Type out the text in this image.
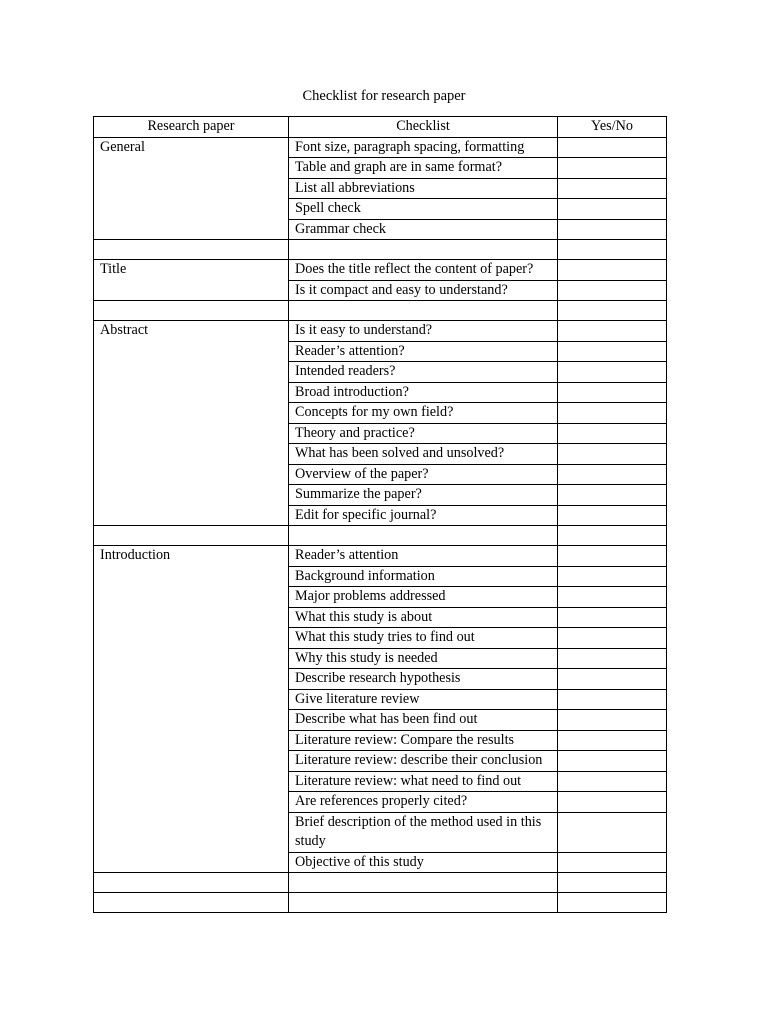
Checklist for research paper
Research paper	Checklist	Yes/No
General	Font size, paragraph spacing, formatting	
	Table and graph are in same format?	
	List all abbreviations	
	Spell check	
	Grammar check	

Title	Does the title reflect the content of paper?	
	Is it compact and easy to understand?	

Abstract	Is it easy to understand?	
	Reader’s attention?	
	Intended readers?	
	Broad introduction?	
	Concepts for my own field?	
	Theory and practice?	
	What has been solved and unsolved?	
	Overview of the paper?	
	Summarize the paper?	
	Edit for specific journal?	

Introduction	Reader’s attention	
	Background information	
	Major problems addressed	
	What this study is about	
	What this study tries to find out	
	Why this study is needed	
	Describe research hypothesis	
	Give literature review	
	Describe what has been find out	
	Literature review: Compare the results	
	Literature review: describe their conclusion	
	Literature review: what need to find out	
	Are references properly cited?	
	Brief description of the method used in this study	
	Objective of this study	
